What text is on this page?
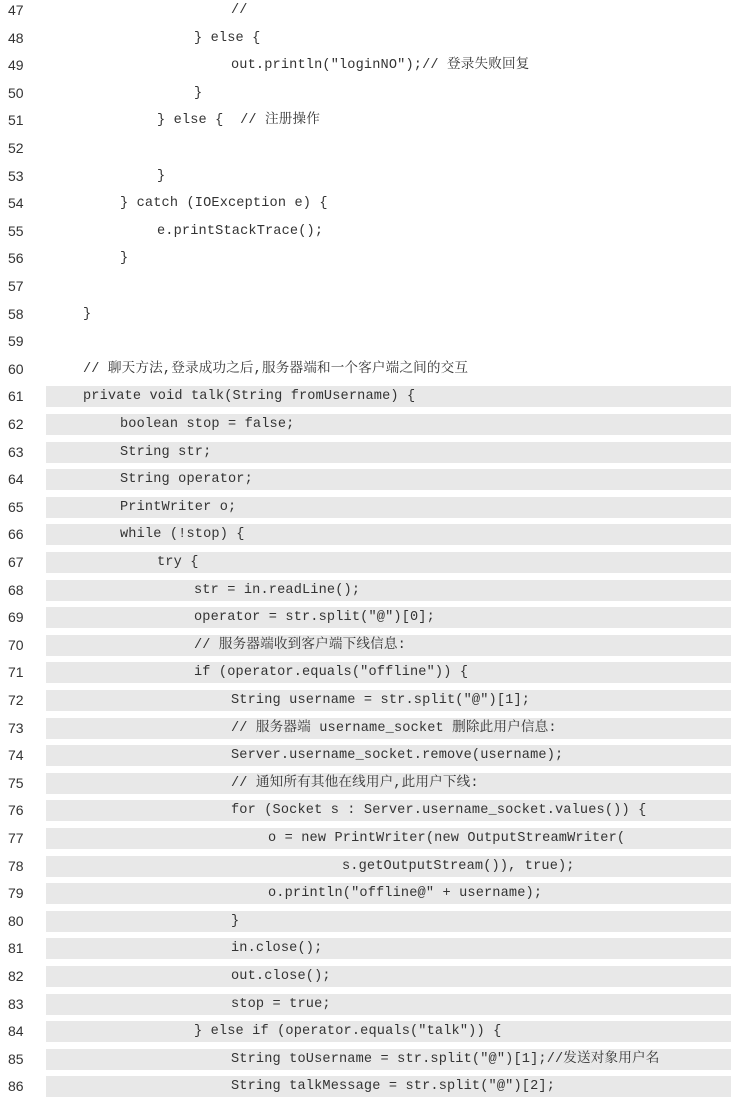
47	//
48	} else {
49	out.println("loginNO");// 登录失败回复
50	}
51	} else {  // 注册操作
52
53	}
54	} catch (IOException e) {
55	e.printStackTrace();
56	}
57
58	}
59
60	// 聊天方法,登录成功之后,服务器端和一个客户端之间的交互
61	private void talk(String fromUsername) {
62	boolean stop = false;
63	String str;
64	String operator;
65	PrintWriter o;
66	while (!stop) {
67	try {
68	str = in.readLine();
69	operator = str.split("@")[0];
70	// 服务器端收到客户端下线信息:
71	if (operator.equals("offline")) {
72	String username = str.split("@")[1];
73	// 服务器端 username_socket 删除此用户信息:
74	Server.username_socket.remove(username);
75	// 通知所有其他在线用户,此用户下线:
76	for (Socket s : Server.username_socket.values()) {
77	o = new PrintWriter(new OutputStreamWriter(
78	s.getOutputStream()), true);
79	o.println("offline@" + username);
80	}
81	in.close();
82	out.close();
83	stop = true;
84	} else if (operator.equals("talk")) {
85	String toUsername = str.split("@")[1];//发送对象用户名
86	String talkMessage = str.split("@")[2];
